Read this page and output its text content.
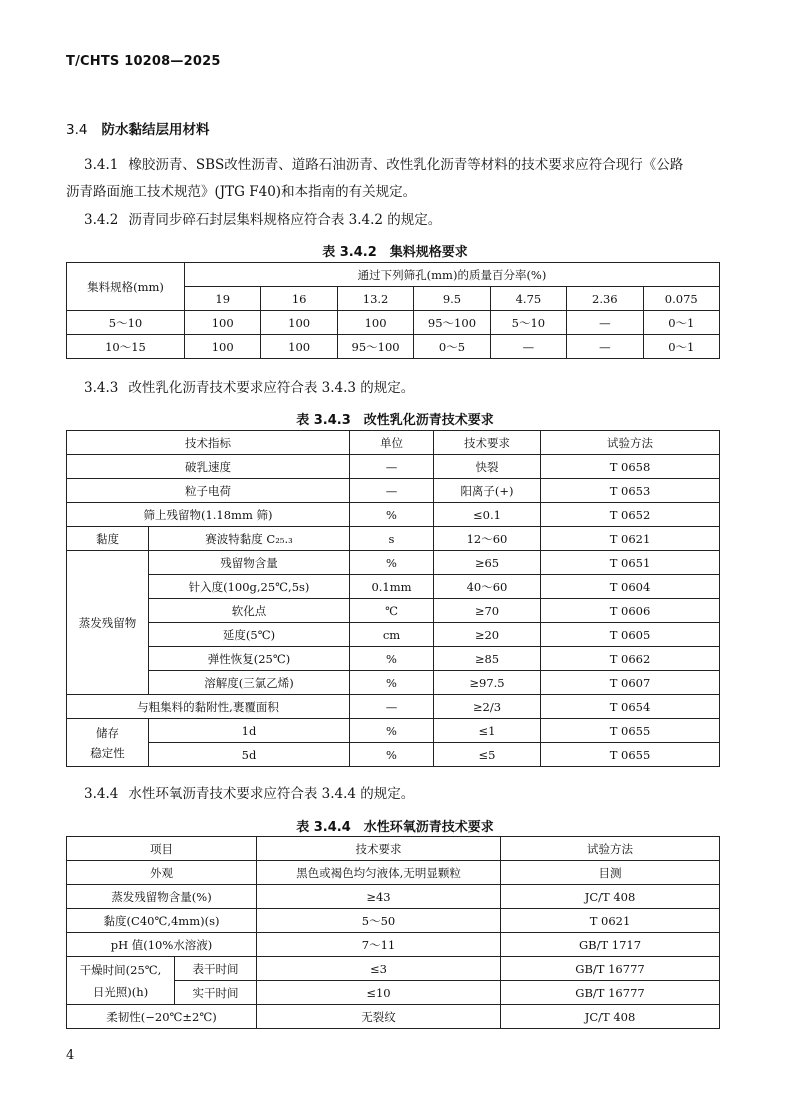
T/CHTS 10208—2025
3.4 防水黏结层用材料
3.4.1 橡胶沥青、SBS改性沥青、道路石油沥青、改性乳化沥青等材料的技术要求应符合现行《公路
沥青路面施工技术规范》(JTG F40)和本指南的有关规定。
3.4.2 沥青同步碎石封层集料规格应符合表 3.4.2 的规定。
表 3.4.2　集料规格要求
集料规格(mm)	通过下列筛孔(mm)的质量百分率(%)						
	19	16	13.2	9.5	4.75	2.36	0.075
5～10	100	100	100	95～100	5～10	—	0～1
10～15	100	100	95～100	0～5	—	—	0～1
3.4.3 改性乳化沥青技术要求应符合表 3.4.3 的规定。
表 3.4.3　改性乳化沥青技术要求
技术指标		单位	技术要求	试验方法
破乳速度		—	快裂	T 0658
粒子电荷		—	阳离子(+)	T 0653
筛上残留物(1.18mm 筛)		%	≤0.1	T 0652
黏度	赛波特黏度 C₂₅.₃	s	12～60	T 0621
蒸发残留物	残留物含量	%	≥65	T 0651
	针入度(100g,25℃,5s)	0.1mm	40～60	T 0604
	软化点	℃	≥70	T 0606
	延度(5℃)	cm	≥20	T 0605
	弹性恢复(25℃)	%	≥85	T 0662
	溶解度(三氯乙烯)	%	≥97.5	T 0607
与粗集料的黏附性,裹覆面积		—	≥2/3	T 0654
储存
稳定性	1d	%	≤1	T 0655
	5d	%	≤5	T 0655
3.4.4 水性环氧沥青技术要求应符合表 3.4.4 的规定。
表 3.4.4　水性环氧沥青技术要求
项目		技术要求	试验方法
外观		黑色或褐色均匀液体,无明显颗粒	目测
蒸发残留物含量(%)		≥43	JC/T 408
黏度(C40℃,4mm)(s)		5～50	T 0621
pH 值(10%水溶液)		7～11	GB/T 1717
干燥时间(25℃,
日光照)(h)	表干时间	≤3	GB/T 16777
	实干时间	≤10	GB/T 16777
柔韧性(−20℃±2℃)		无裂纹	JC/T 408
4
